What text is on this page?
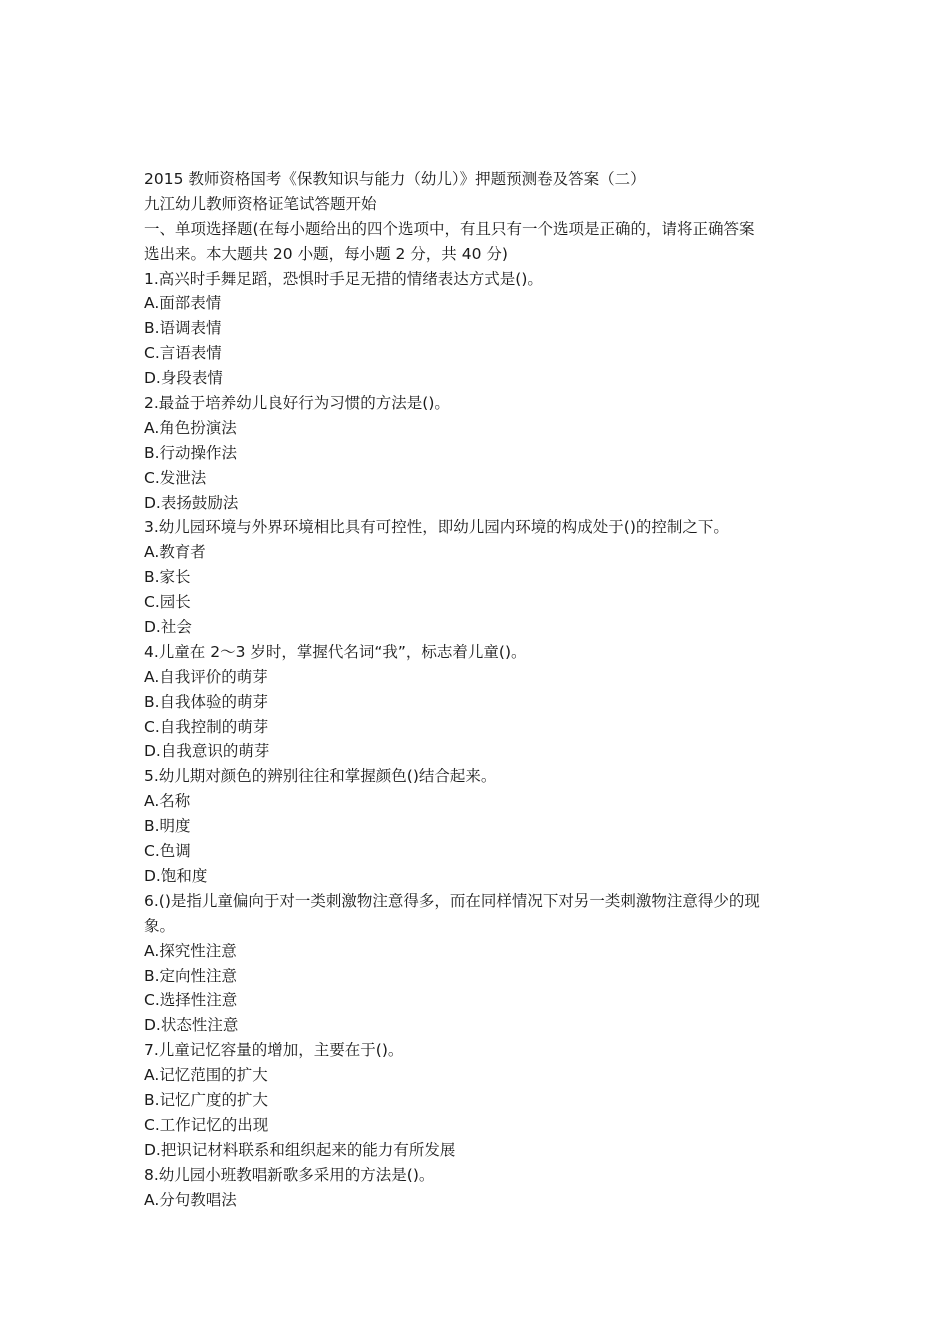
2015 教师资格国考《保教知识与能力（幼儿）》押题预测卷及答案（二）
九江幼儿教师资格证笔试答题开始
一、单项选择题(在每小题给出的四个选项中，有且只有一个选项是正确的，请将正确答案
选出来。本大题共 20 小题，每小题 2 分，共 40 分)
1.高兴时手舞足蹈，恐惧时手足无措的情绪表达方式是()。
A.面部表情
B.语调表情
C.言语表情
D.身段表情
2.最益于培养幼儿良好行为习惯的方法是()。
A.角色扮演法
B.行动操作法
C.发泄法
D.表扬鼓励法
3.幼儿园环境与外界环境相比具有可控性，即幼儿园内环境的构成处于()的控制之下。
A.教育者
B.家长
C.园长
D.社会
4.儿童在 2～3 岁时，掌握代名词“我”，标志着儿童()。
A.自我评价的萌芽
B.自我体验的萌芽
C.自我控制的萌芽
D.自我意识的萌芽
5.幼儿期对颜色的辨别往往和掌握颜色()结合起来。
A.名称
B.明度
C.色调
D.饱和度
6.()是指儿童偏向于对一类刺激物注意得多，而在同样情况下对另一类刺激物注意得少的现
象。
A.探究性注意
B.定向性注意
C.选择性注意
D.状态性注意
7.儿童记忆容量的增加，主要在于()。
A.记忆范围的扩大
B.记忆广度的扩大
C.工作记忆的出现
D.把识记材料联系和组织起来的能力有所发展
8.幼儿园小班教唱新歌多采用的方法是()。
A.分句教唱法
